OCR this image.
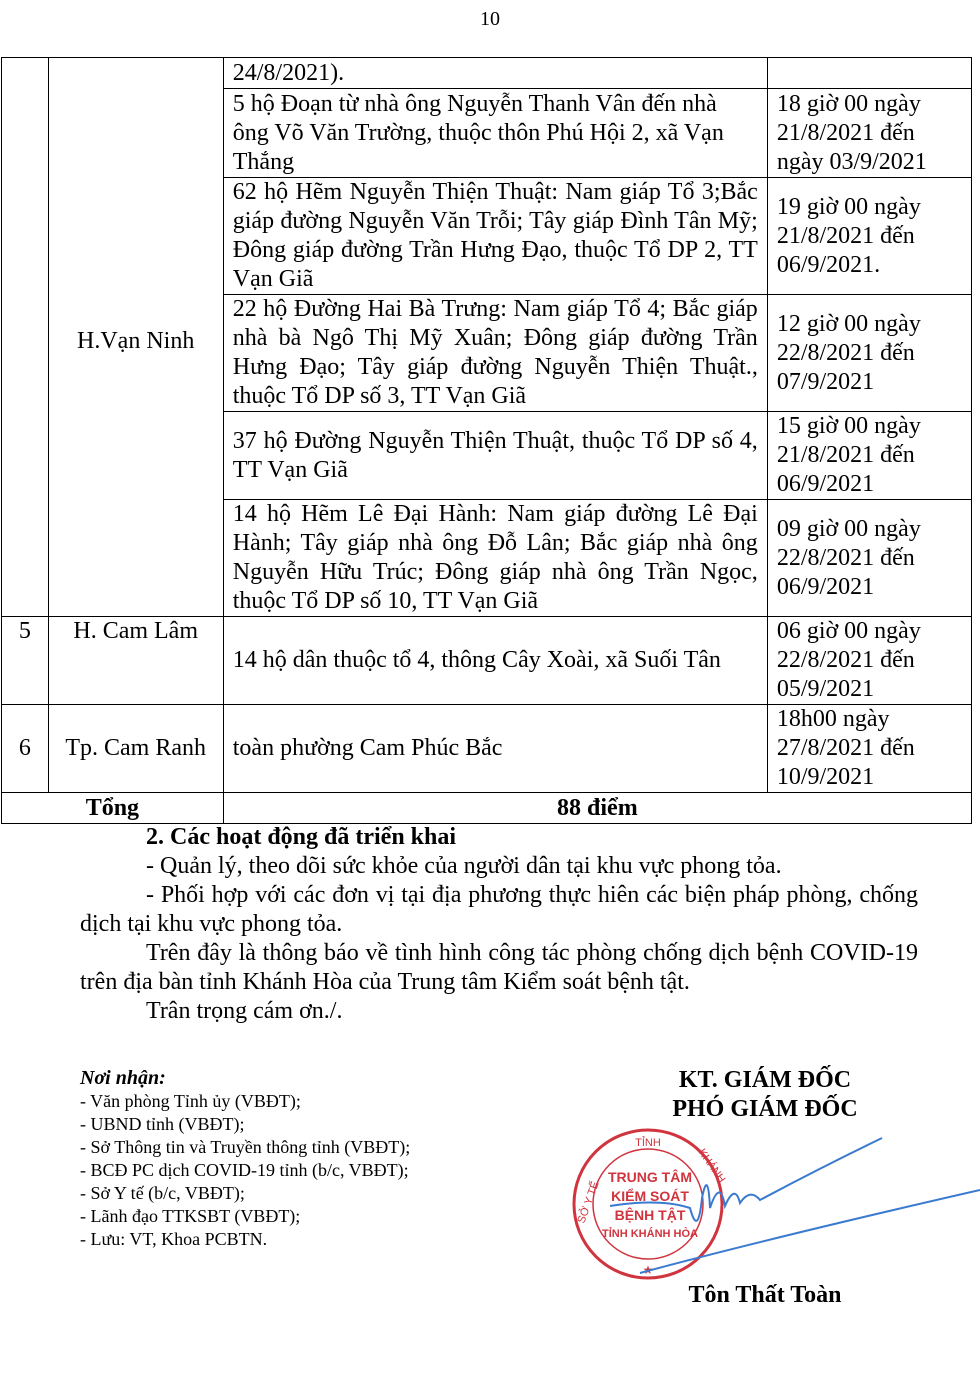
10
	H.Vạn Ninh	24/8/2021).	
		5 hộ Đoạn từ nhà ông Nguyễn Thanh Vân đến nhà ông Võ Văn Trường, thuộc thôn Phú Hội 2, xã Vạn Thắng	18 giờ 00 ngày 21/8/2021 đến ngày 03/9/2021
		62 hộ Hẽm Nguyễn Thiện Thuật: Nam giáp Tổ 3;Bắc giáp đường Nguyễn Văn Trỗi; Tây giáp Đình Tân Mỹ; Đông giáp đường Trần Hưng Đạo, thuộc Tổ DP 2, TT Vạn Giã	19 giờ 00 ngày 21/8/2021 đến 06/9/2021.
		22 hộ Đường Hai Bà Trưng: Nam giáp Tổ 4; Bắc giáp nhà bà Ngô Thị Mỹ Xuân; Đông giáp đường Trần Hưng Đạo; Tây giáp đường Nguyễn Thiện Thuật., thuộc Tổ DP số 3, TT Vạn Giã	12 giờ 00 ngày 22/8/2021 đến 07/9/2021
		37 hộ Đường Nguyễn Thiện Thuật, thuộc Tổ DP số 4, TT Vạn Giã	15 giờ 00 ngày 21/8/2021 đến 06/9/2021
		14 hộ Hẽm Lê Đại Hành: Nam giáp đường Lê Đại Hành; Tây giáp nhà ông Đỗ Lân; Bắc giáp nhà ông Nguyễn Hữu Trúc; Đông giáp nhà ông Trần Ngọc, thuộc Tổ DP số 10, TT Vạn Giã	09 giờ 00 ngày 22/8/2021 đến 06/9/2021
5	H. Cam Lâm	14 hộ dân thuộc tổ 4, thông Cây Xoài, xã Suối Tân	06 giờ 00 ngày 22/8/2021 đến 05/9/2021
6	Tp. Cam Ranh	toàn phường Cam Phúc Bắc	18h00 ngày 27/8/2021 đến 10/9/2021
Tổng		88 điểm	
2. Các hoạt động đã triển khai

- Quản lý, theo dõi sức khỏe của người dân tại khu vực phong tỏa.

- Phối hợp với các đơn vị tại địa phương thực hiên các biện pháp phòng, chống dịch tại khu vực phong tỏa.

Trên đây là thông báo về tình hình công tác phòng chống dịch bệnh COVID-19 trên địa bàn tỉnh Khánh Hòa của Trung tâm Kiểm soát bệnh tật.

Trân trọng cám ơn./.

Nơi nhận:
- Văn phòng Tỉnh ủy (VBĐT);
- UBND tỉnh (VBĐT);
- Sở Thông tin và Truyền thông tỉnh (VBĐT);
- BCĐ PC dịch COVID-19 tỉnh (b/c, VBĐT);
- Sở Y tế (b/c, VBĐT);
- Lãnh đạo TTKSBT (VBĐT);
- Lưu: VT, Khoa PCBTN.
KT. GIÁM ĐỐC
PHÓ GIÁM ĐỐC
TỈNH
SỞ Y TẾ
KHÁNH
TRUNG TÂM
KIỂM SOÁT
BỆNH TẬT
TỈNH KHÁNH HÒA
★
Tôn Thất Toàn
